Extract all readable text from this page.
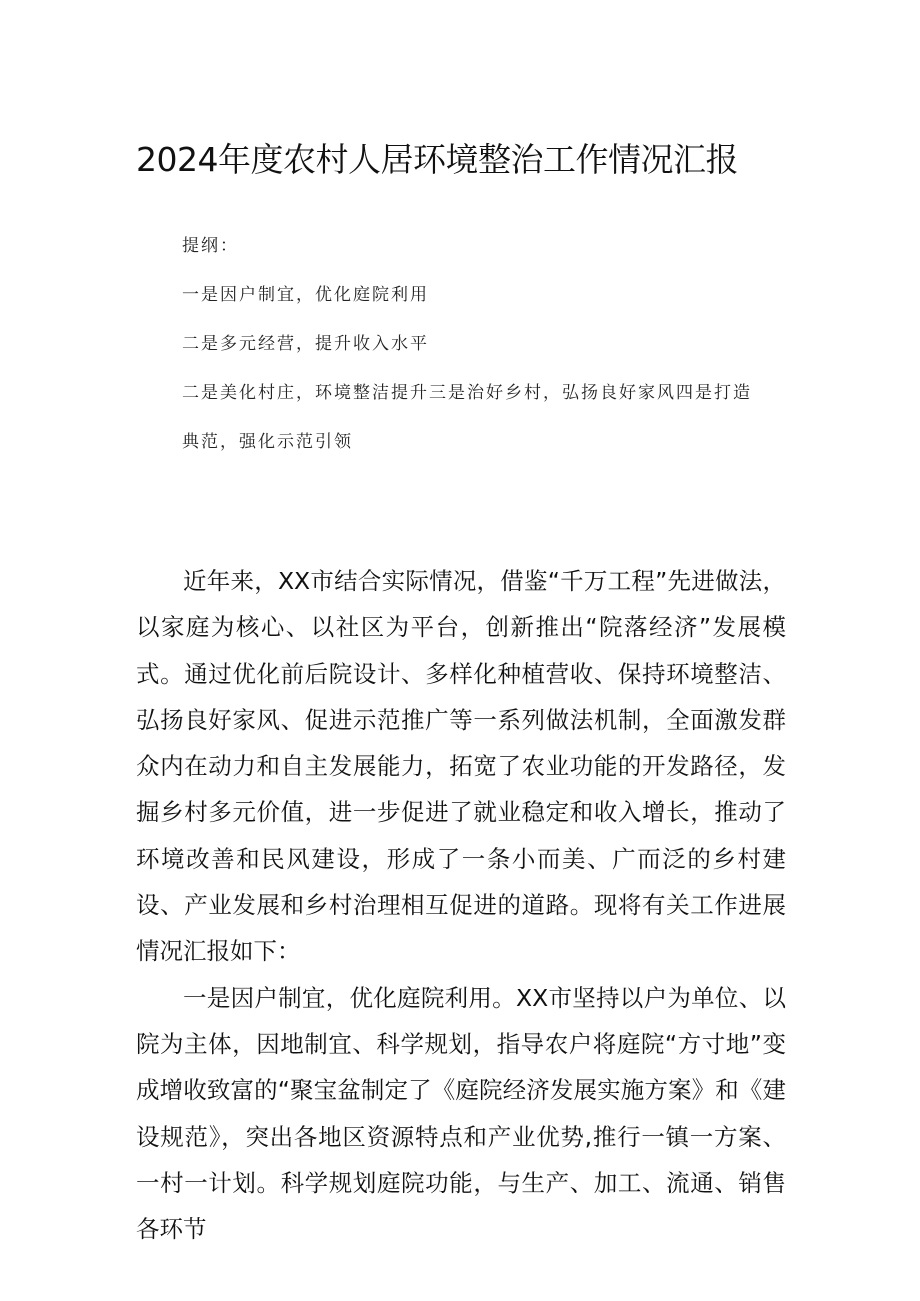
2024年度农村人居环境整治工作情况汇报

提纲：

一是因户制宜，优化庭院利用

二是多元经营，提升收入水平

二是美化村庄，环境整洁提升三是治好乡村，弘扬良好家风四是打造
典范，强化示范引领

近年来，XX市结合实际情况，借鉴“千万工程”先进做法，以家庭为核心、以社区为平台，创新推出“院落经济”发展模式。通过优化前后院设计、多样化种植营收、保持环境整洁、弘扬良好家风、促进示范推广等一系列做法机制，全面激发群众内在动力和自主发展能力，拓宽了农业功能的开发路径，发掘乡村多元价值，进一步促进了就业稳定和收入增长，推动了环境改善和民风建设，形成了一条小而美、广而泛的乡村建设、产业发展和乡村治理相互促进的道路。现将有关工作进展情况汇报如下：

一是因户制宜，优化庭院利用。XX市坚持以户为单位、以院为主体，因地制宜、科学规划，指导农户将庭院“方寸地”变成增收致富的“聚宝盆制定了《庭院经济发展实施方案》和《建设规范》，突出各地区资源特点和产业优势,推行一镇一方案、一村一计划。科学规划庭院功能，与生产、加工、流通、销售各环节
